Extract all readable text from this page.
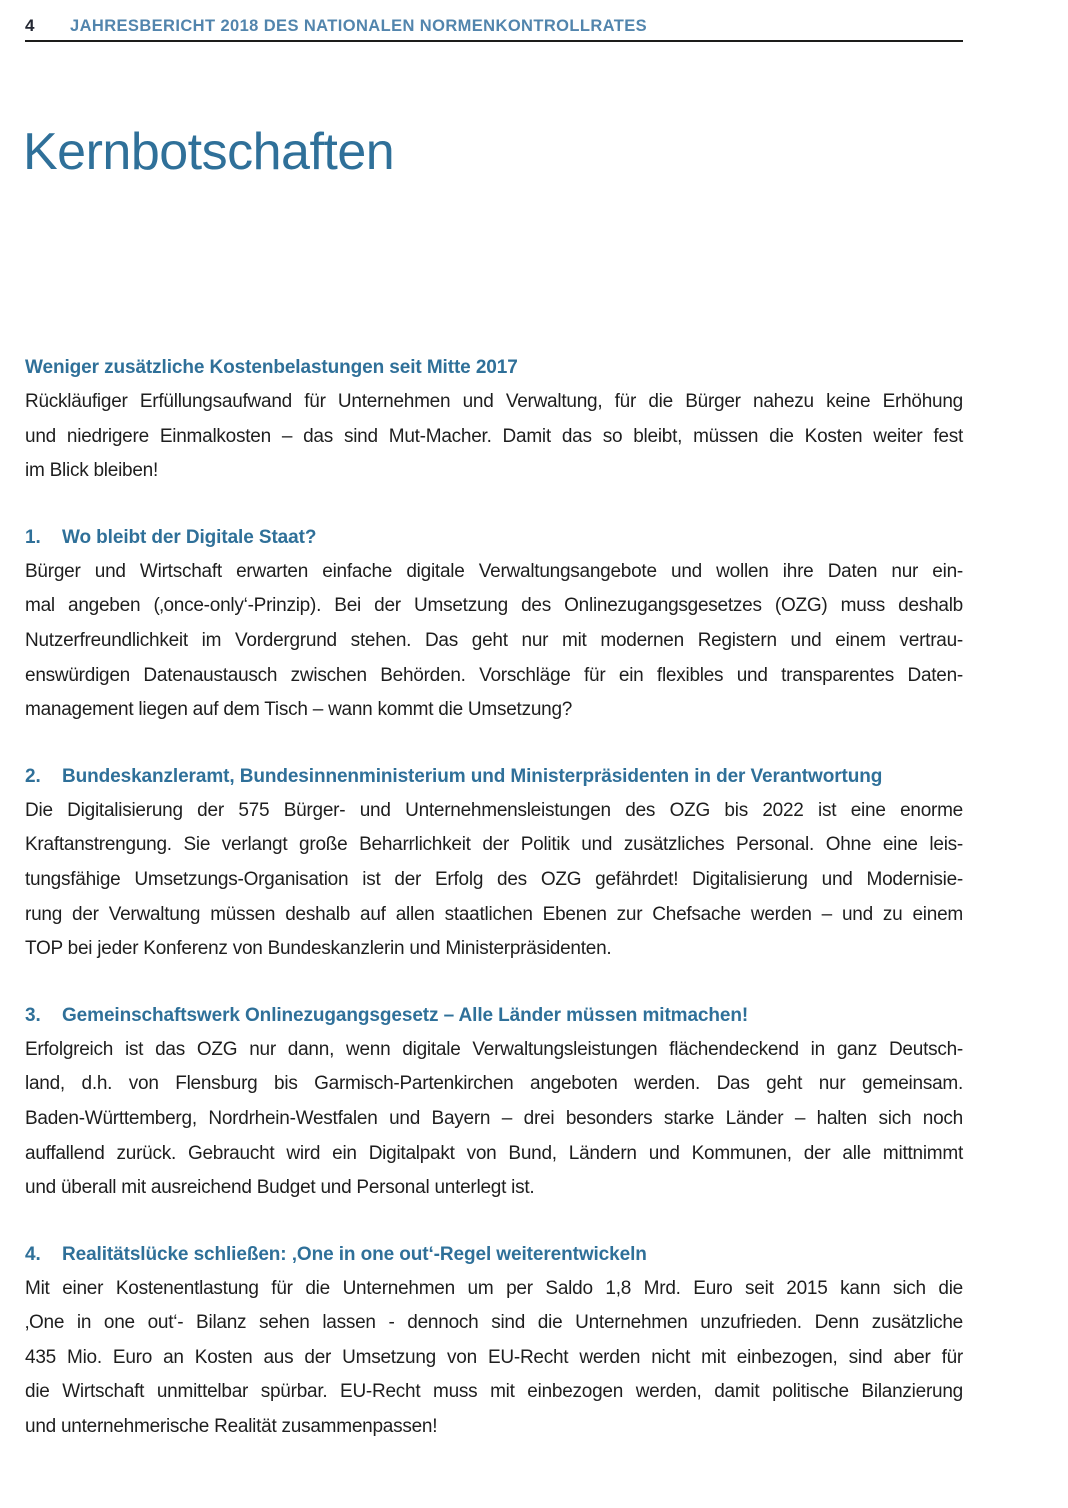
4	JAHRESBERICHT 2018 DES NATIONALEN NORMENKONTROLLRATES
Kernbotschaften
Weniger zusätzliche Kostenbelastungen seit Mitte 2017
Rückläufiger Erfüllungsaufwand für Unternehmen und Verwaltung, für die Bürger nahezu keine Erhöhung
und niedrigere Einmalkosten – das sind Mut-Macher. Damit das so bleibt, müssen die Kosten weiter fest
im Blick bleiben!
1.	Wo bleibt der Digitale Staat?
Bürger und Wirtschaft erwarten einfache digitale Verwaltungsangebote und wollen ihre Daten nur ein-
mal angeben (‚once-only‘-Prinzip). Bei der Umsetzung des Onlinezugangsgesetzes (OZG) muss deshalb
Nutzerfreundlichkeit im Vordergrund stehen. Das geht nur mit modernen Registern und einem vertrau-
enswürdigen Datenaustausch zwischen Behörden. Vorschläge für ein flexibles und transparentes Daten-
management liegen auf dem Tisch – wann kommt die Umsetzung?
2.	Bundeskanzleramt, Bundesinnenministerium und Ministerpräsidenten in der Verantwortung
Die Digitalisierung der 575 Bürger- und Unternehmensleistungen des OZG bis 2022 ist eine enorme
Kraftanstrengung. Sie verlangt große Beharrlichkeit der Politik und zusätzliches Personal. Ohne eine leis-
tungsfähige Umsetzungs-Organisation ist der Erfolg des OZG gefährdet! Digitalisierung und Modernisie-
rung der Verwaltung müssen deshalb auf allen staatlichen Ebenen zur Chefsache werden – und zu einem
TOP bei jeder Konferenz von Bundeskanzlerin und Ministerpräsidenten.
3.	Gemeinschaftswerk Onlinezugangsgesetz – Alle Länder müssen mitmachen!
Erfolgreich ist das OZG nur dann, wenn digitale Verwaltungsleistungen flächendeckend in ganz Deutsch-
land, d.h. von Flensburg bis Garmisch-Partenkirchen angeboten werden. Das geht nur gemeinsam.
Baden-Württemberg, Nordrhein-Westfalen und Bayern – drei besonders starke Länder – halten sich noch
auffallend zurück. Gebraucht wird ein Digitalpakt von Bund, Ländern und Kommunen, der alle mittnimmt
und überall mit ausreichend Budget und Personal unterlegt ist.
4.	Realitätslücke schließen: ‚One in one out‘-Regel weiterentwickeln
Mit einer Kostenentlastung für die Unternehmen um per Saldo 1,8 Mrd. Euro seit 2015 kann sich die
‚One in one out‘- Bilanz sehen lassen - dennoch sind die Unternehmen unzufrieden. Denn zusätzliche
435 Mio. Euro an Kosten aus der Umsetzung von EU-Recht werden nicht mit einbezogen, sind aber für
die Wirtschaft unmittelbar spürbar. EU-Recht muss mit einbezogen werden, damit politische Bilanzierung
und unternehmerische Realität zusammenpassen!
